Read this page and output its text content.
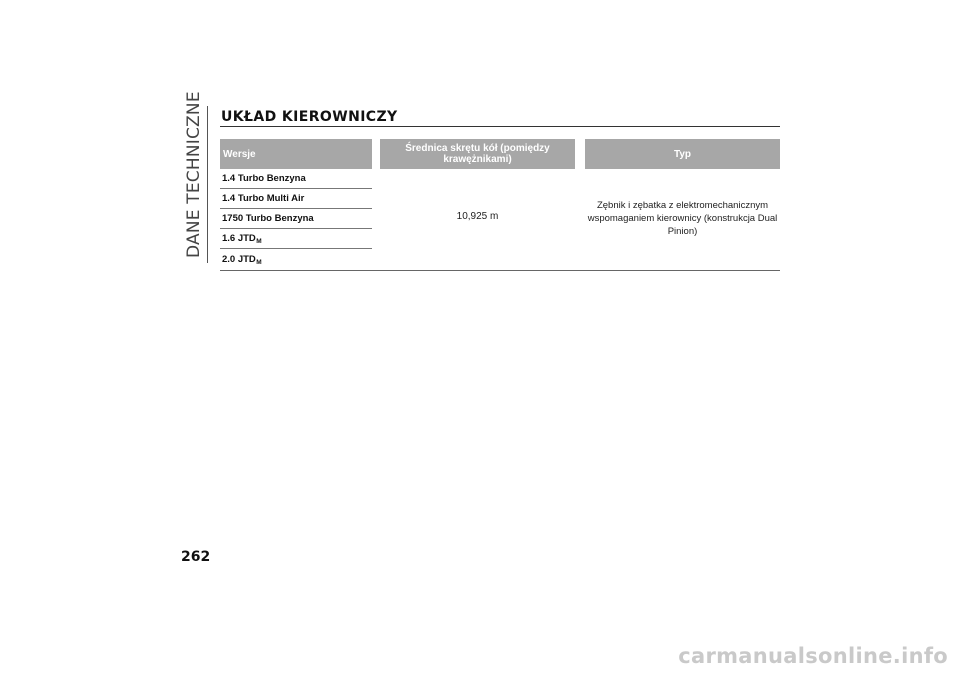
DANE TECHNICZNE UKŁAD KIEROWNICZY
Wersje	Średnica skrętu kół (pomiędzy krawężnikami)	Typ
1.4 Turbo Benzyna
1.4 Turbo Multi Air
1750 Turbo Benzyna
1.6 $JTD_M$
2.0 $JTD_M$
10,925 m
Zębnik i zębatka z elektromechanicznym wspomaganiem kierownicy (konstrukcja Dual Pinion)
262
carmanualsonline.info
